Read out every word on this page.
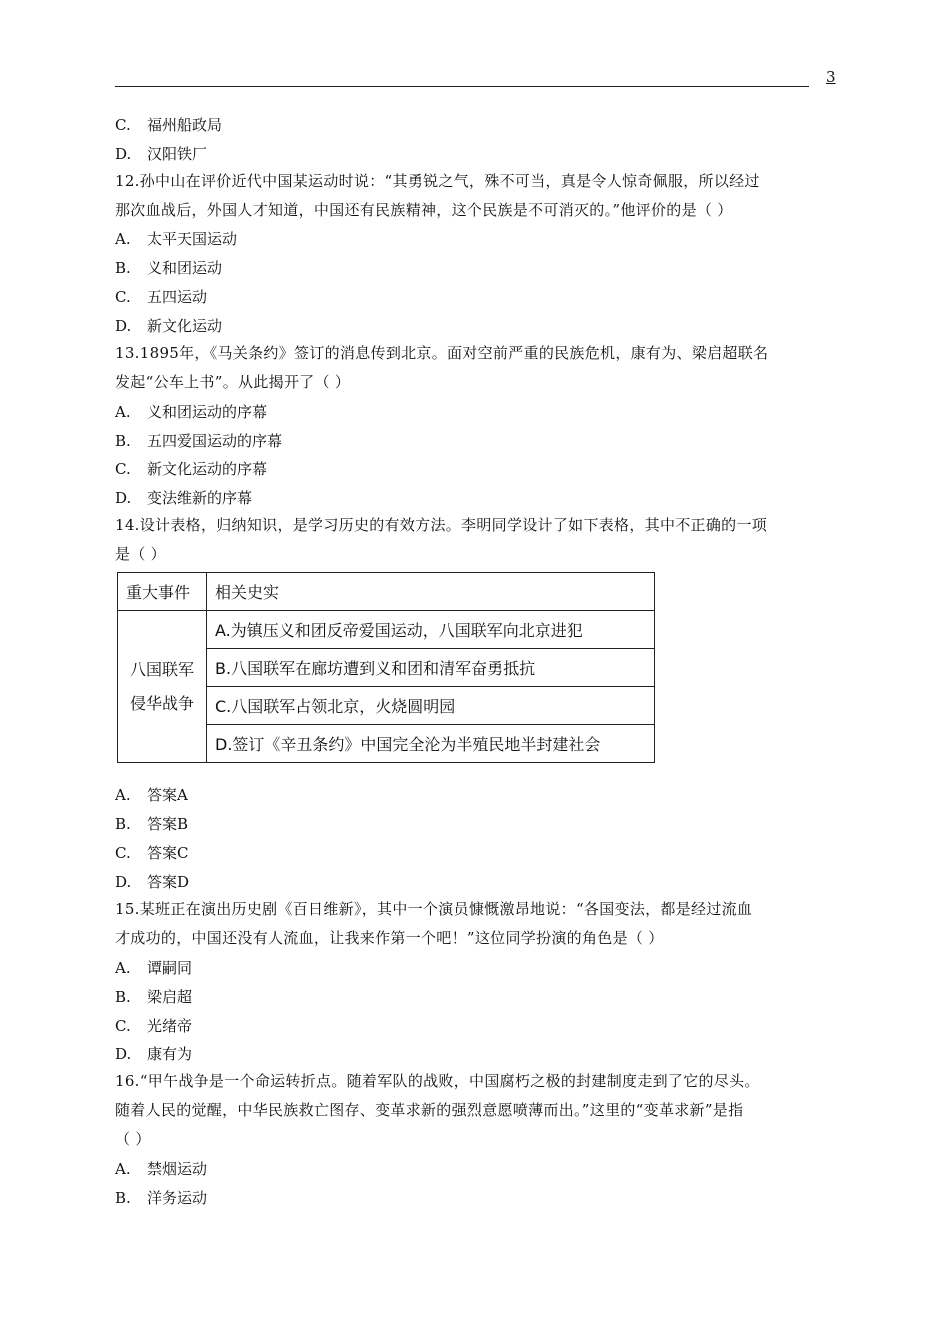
3
C. 福州船政局
D. 汉阳铁厂
12.孙中山在评价近代中国某运动时说：“其勇锐之气，殊不可当，真是令人惊奇佩服，所以经过
那次血战后，外国人才知道，中国还有民族精神，这个民族是不可消灭的。”他评价的是（ ）
A. 太平天国运动
B. 义和团运动
C. 五四运动
D. 新文化运动
13.1895年，《马关条约》签订的消息传到北京。面对空前严重的民族危机，康有为、梁启超联名
发起“公车上书”。从此揭开了（ ）
A. 义和团运动的序幕
B. 五四爱国运动的序幕
C. 新文化运动的序幕
D. 变法维新的序幕
14.设计表格，归纳知识，是学习历史的有效方法。李明同学设计了如下表格，其中不正确的一项
是（ ）
重大事件	相关史实

八国联军
侵华战争	A.为镇压义和团反帝爱国运动，八国联军向北京进犯
	B.八国联军在廊坊遭到义和团和清军奋勇抵抗
	C.八国联军占领北京，火烧圆明园
	D.签订《辛丑条约》中国完全沦为半殖民地半封建社会
A. 答案A
B. 答案B
C. 答案C
D. 答案D
15.某班正在演出历史剧《百日维新》，其中一个演员慷慨激昂地说：“各国变法，都是经过流血
才成功的，中国还没有人流血，让我来作第一个吧！”这位同学扮演的角色是（ ）
A. 谭嗣同
B. 梁启超
C. 光绪帝
D. 康有为
16.“甲午战争是一个命运转折点。随着军队的战败，中国腐朽之极的封建制度走到了它的尽头。
随着人民的觉醒，中华民族救亡图存、变革求新的强烈意愿喷薄而出。”这里的“变革求新”是指
（ ）
A. 禁烟运动
B. 洋务运动
